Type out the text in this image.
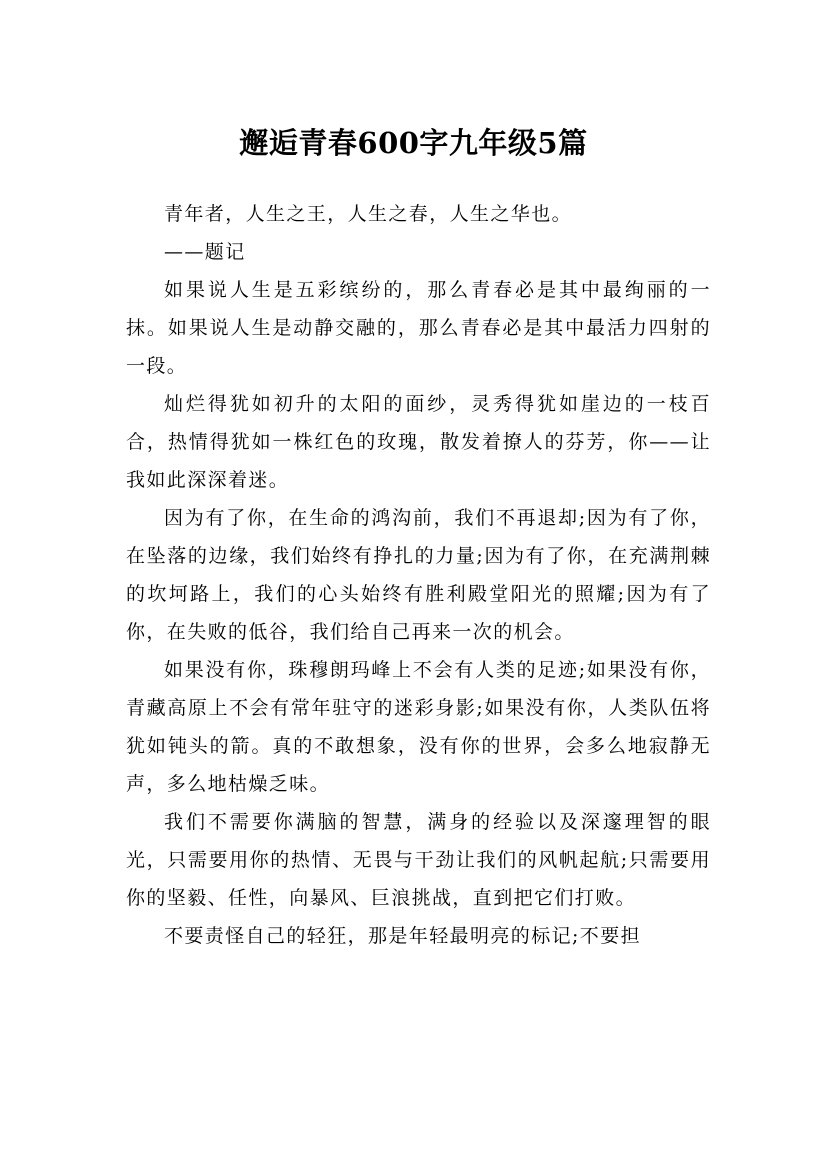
邂逅青春600字九年级5篇

青年者，人生之王，人生之春，人生之华也。

——题记

如果说人生是五彩缤纷的，那么青春必是其中最绚丽的一抹。如果说人生是动静交融的，那么青春必是其中最活力四射的一段。

灿烂得犹如初升的太阳的面纱，灵秀得犹如崖边的一枝百合，热情得犹如一株红色的玫瑰，散发着撩人的芬芳，你——让我如此深深着迷。

因为有了你，在生命的鸿沟前，我们不再退却;因为有了你，在坠落的边缘，我们始终有挣扎的力量;因为有了你，在充满荆棘的坎坷路上，我们的心头始终有胜利殿堂阳光的照耀;因为有了你，在失败的低谷，我们给自己再来一次的机会。

如果没有你，珠穆朗玛峰上不会有人类的足迹;如果没有你，青藏高原上不会有常年驻守的迷彩身影;如果没有你，人类队伍将犹如钝头的箭。真的不敢想象，没有你的世界，会多么地寂静无声，多么地枯燥乏味。

我们不需要你满脑的智慧，满身的经验以及深邃理智的眼光，只需要用你的热情、无畏与干劲让我们的风帆起航;只需要用你的坚毅、任性，向暴风、巨浪挑战，直到把它们打败。

不要责怪自己的轻狂，那是年轻最明亮的标记;不要担
